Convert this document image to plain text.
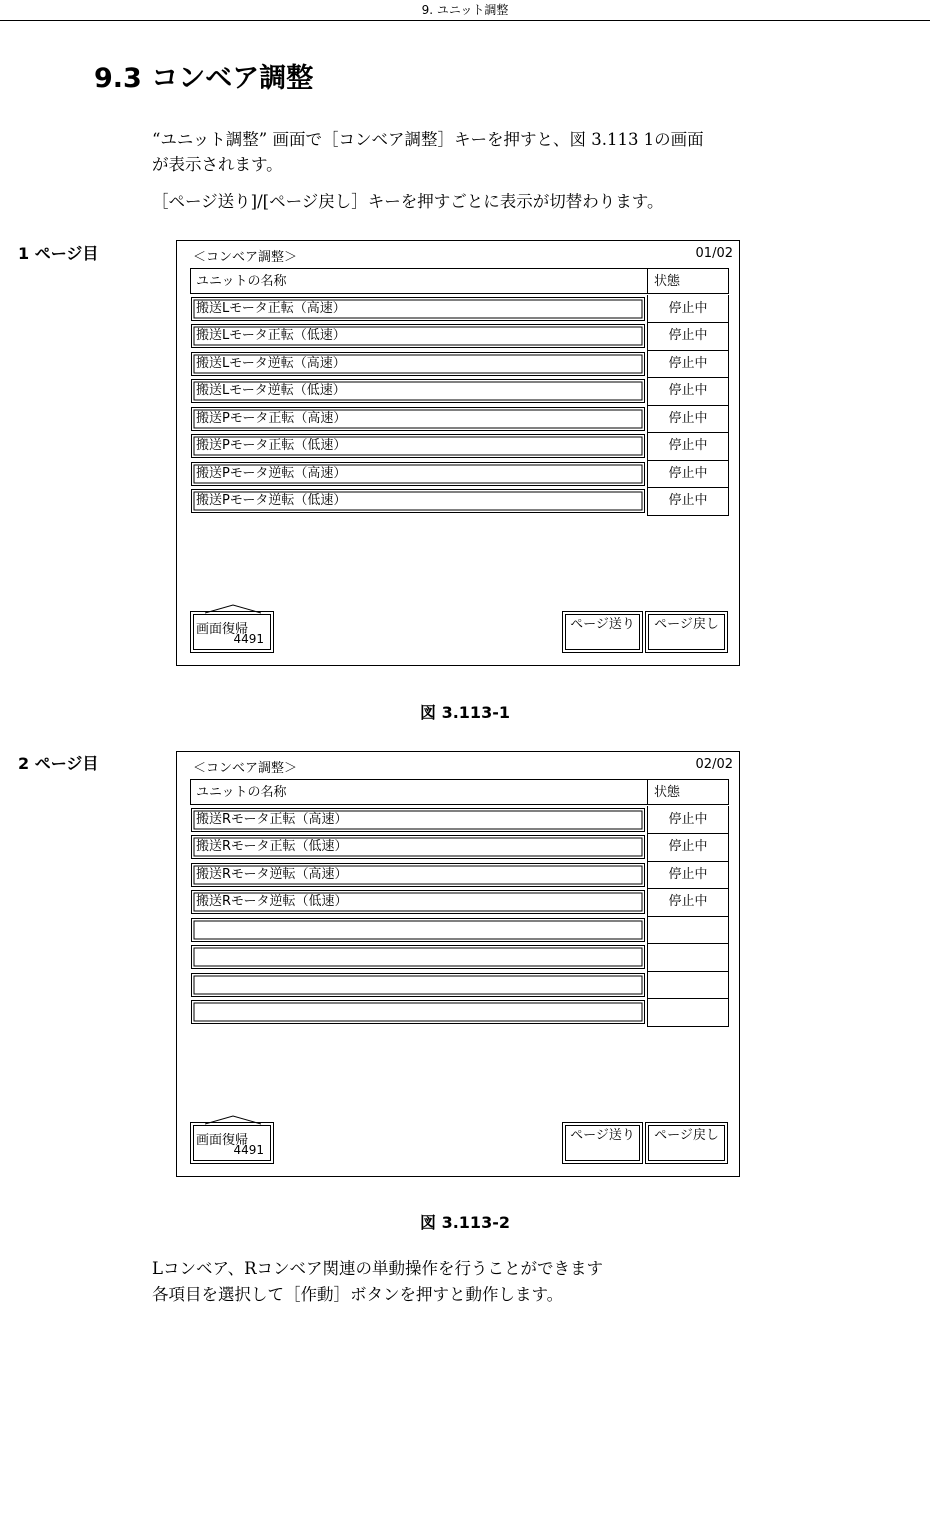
9. ユニット調整
9.3 コンベア調整
“ユニット調整” 画面で［コンベア調整］キーを押すと、図 3.113 1の画面
が表示されます。
［ページ送り]/[ページ戻し］キーを押すごとに表示が切替わります。
1 ページ目	＜コンベア調整＞	01/02
ユニットの名称	状態
搬送Lモータ正転（高速）	停止中
搬送Lモータ正転（低速）	停止中
搬送Lモータ逆転（高速）	停止中
搬送Lモータ逆転（低速）	停止中
搬送Pモータ正転（高速）	停止中
搬送Pモータ正転（低速）	停止中
搬送Pモータ逆転（高速）	停止中
搬送Pモータ逆転（低速）	停止中
画面復帰
4491
ページ送り	ページ戻し
図 3.113-1
2 ページ目	＜コンベア調整＞	02/02
ユニットの名称	状態
搬送Rモータ正転（高速）	停止中
搬送Rモータ正転（低速）	停止中
搬送Rモータ逆転（高速）	停止中
搬送Rモータ逆転（低速）	停止中
画面復帰
4491
ページ送り	ページ戻し
図 3.113-2
Lコンベア、Rコンベア関連の単動操作を行うことができます
各項目を選択して［作動］ボタンを押すと動作します。
